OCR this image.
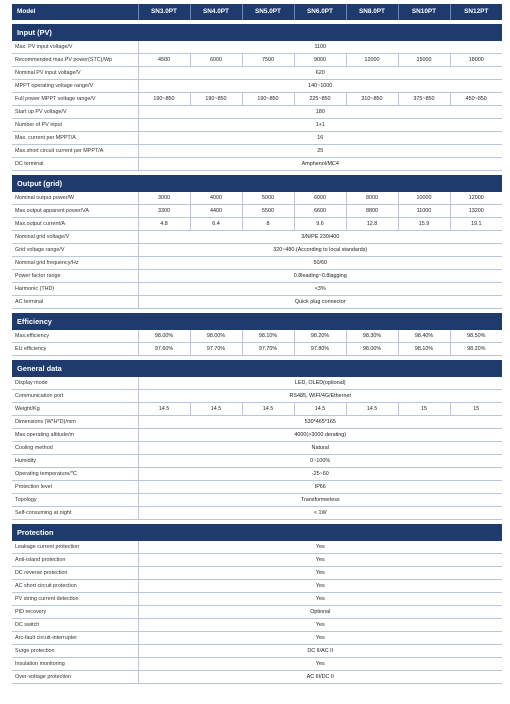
Model	SN3.0PT	SN4.0PT	SN5.0PT	SN6.0PT	SN8.0PT	SN10PT	SN12PT

Input (PV)							
Max. PV input voltage/V	1100						
Recommended max.PV power(STC)/Wp	4500	6000	7500	9000	12000	15000	18000
Nominal PV input voltage/V	620						
MPPT operating voltage range/V	140~1000						
Full power MPPT voltage range/V	190~850	190~850	190~850	225~850	310~850	375~850	450~850
Start up PV voltage/V	180						
Number of PV input	1+1						
Max. current per MPPT/A	16						
Max.short circuit current per MPPT/A	25						
DC terminal	Amphenol/MC4						

Output (grid)							
Nominal output power/W	3000	4000	5000	6000	8000	10000	12000
Max.output apparent power/VA	3300	4400	5500	6600	8800	11000	13200
Max.output current/A	4.8	6.4	8	9.6	12.8	15.9	19.1
Nominal grid voltage/V	3/N/PE 230/400						
Grid voltage range/V	320~480 (According to local standards)						
Nominal grid frequency/Hz	50/60						
Power factor range	0.8leading~0.8lagging						
Harmonic (THD)	<3%						
AC terminal	Quick plug connector						

Efficiency							
Max.efficiency	98.00%	98.00%	98.10%	98.20%	98.30%	98.40%	98.50%
EU efficiency	97.60%	97.70%	97.70%	97.80%	98.00%	98.10%	98.20%

General data							
Display mode	LED, OLED(optional)						
Communication port	RS485, WIFI/4G/Ethernet						
Weight/Kg	14.5	14.5	14.5	14.5	14.5	15	15
Dimensions (W*H*D)/mm	530*465*165						
Max.operating altitude/m	4000(>3000 derating)						
Cooling method	Natural						
Humidity	0~100%						
Operating temperature/℃	-25~60						
Protection level	IP66						
Topology	Transformerless						
Self-consuming at night	< 1W						

Protection							
Leakage current protection	Yes						
Anti-island protection	Yes						
DC reverse protection	Yes						
AC short circuit protection	Yes						
PV string current detection	Yes						
PID recovery	Optional						
DC switch	Yes						
Arc-fault circuit-interrupter	Yes						
Surge protection	DC II/AC II						
Insulation monitoring	Yes						
Over-voltage protection	AC III/DC II						
